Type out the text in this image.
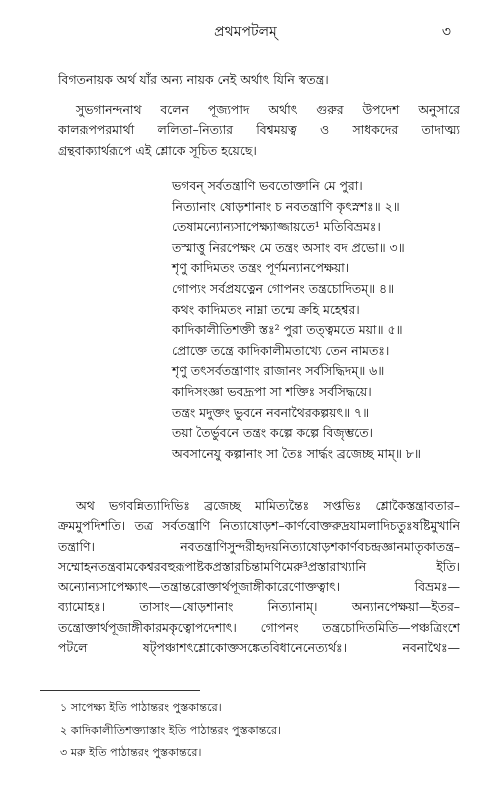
প্রথমপটলম্	৩
বিগতনায়ক অর্থ যাঁর অন্য নায়ক নেই অর্থাৎ যিনি স্বতন্ত্র।
সুভগানন্দনাথ বলেন পূজ্যপাদ অর্থাৎ গুরুর উপদেশ অনুসারে
কালরূপপরমার্থা ললিতা–নিত্যার বিশ্বময়ত্ব ও সাধকদের তাদাত্ম্য
গ্রন্থবাক্যার্থরূপে এই শ্লোকে সূচিত হয়েছে।
ভগবন্ সর্বতন্ত্রাণি ভবতোক্তানি মে পুরা।
নিত্যানাং ষোড়শানাং চ নবতন্ত্রাণি কৃৎস্নশঃ॥ ২॥
তেষামন্যোন্যসাপেক্ষ্যাজ্জায়তে¹ মতিবিভ্রমঃ।
তস্মাত্তু নিরপেক্ষং মে তন্ত্রং অসাং বদ প্রভো॥ ৩॥
শৃণু কাদিমতং তন্ত্রং পূর্ণমন্যানপেক্ষয়া।
গোপ্যং সর্বপ্রযত্নেন গোপনং তন্ত্রচোদিতম্॥ ৪॥
কথং কাদিমতং নাম্না তন্মে ক্রহি মহেশ্বর।
কাদিকালীতিশক্তী স্তঃ² পুরা তত্ত্বমতে ময়া॥ ৫॥
প্রোক্তে তন্ত্রে কাদিকালীমতাখ্যে তেন নামতঃ।
শৃণু তৎসর্বতন্ত্রাণাং রাজানং সর্বসিদ্ধিদম্॥ ৬॥
কাদিসংজ্ঞা ভবদ্রূপা সা শক্তিঃ সর্বসিদ্ধয়ে।
তন্ত্রং মদুক্তং ভুবনে নবনাথৈরকল্পয়ৎ॥ ৭॥
তয়া তৈর্ভুবনে তন্ত্রং কল্পে কল্পে বিজৃম্ভতে।
অবসানেযু কল্পানাং সা তৈঃ সার্দ্ধং ব্রজেচ্ছ মাম্॥ ৮॥
অথ ভগবন্নিত্যাদিভিঃ ব্রজেচ্ছ মামিত্যন্তৈঃ সপ্তভিঃ শ্লোকৈস্তন্ত্রাবতার–
ক্রমমুপদিশতি। তত্র সর্বতন্ত্রাণি নিত্যাষোড়শ–কার্ণবোক্তরুদ্রযামলাদিচতুঃষষ্টিমুখানি
তন্ত্রাণি। নবতন্ত্রাণিসুন্দরীহৃদয়নিত্যাষোড়শকার্ণবচন্দ্রজ্ঞানমাতৃকাতন্ত্র–
সম্মোহনতন্ত্রবামকেশ্বরবহুরূপাষ্টকপ্রস্তারচিন্তামণিমেরু³প্রস্তারাখ্যানি ইতি।
অন্যোন্যসাপেক্ষ্যাৎ—তন্ত্রান্তরোক্তার্থপূজাঙ্গীকারেণোক্তত্বাৎ। বিভ্রমঃ—
ব্যামোহঃ। তাসাং—ষোড়শানাং নিত্যানাম্। অন্যানপেক্ষয়া—ইতর–
তন্ত্রোক্তার্থপূজাঙ্গীকারমকৃত্বোপদেশাৎ। গোপনং তন্ত্রচোদিতমিতি—পঞ্চত্রিংশে
পটলে ষট্‌পঞ্চাশৎশ্লোকোক্তসঙ্কেতবিধানেনেত্যর্থঃ। নবনাথৈঃ—
১ সাপেক্ষ্য ইতি পাঠান্তরং পুস্তকান্তরে।
২ কাদিকালীতিশক্ত্যাস্তাং ইতি পাঠান্তরং পুস্তকান্তরে।
৩ মরু ইতি পাঠান্তরং পুস্তকান্তরে।
